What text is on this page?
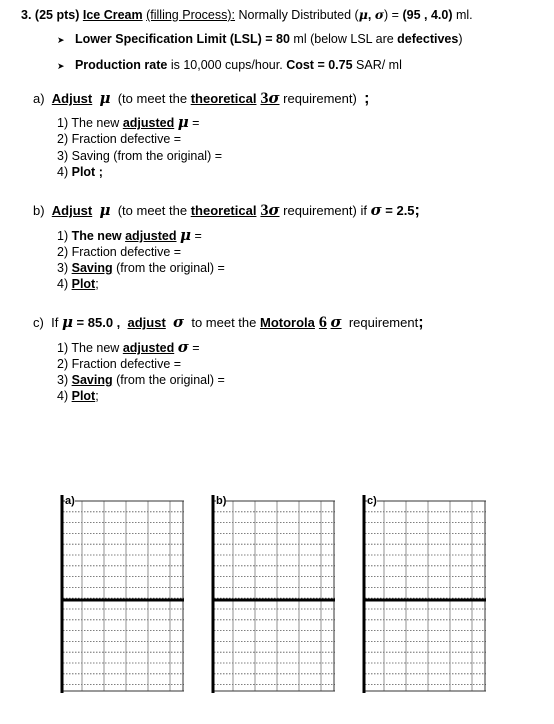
3. (25 pts) Ice Cream (filling Process): Normally Distributed (μ, σ) = (95 , 4.0) ml.
➤ Lower Specification Limit (LSL) = 80 ml (below LSL are defectives)
➤ Production rate is 10,000 cups/hour. Cost = 0.75 SAR/ ml
a) Adjust μ (to meet the theoretical 3σ requirement) ;
1) The new adjusted μ =
2) Fraction defective =
3) Saving (from the original) =
4) Plot ;
b) Adjust μ (to meet the theoretical 3σ requirement) if σ = 2.5;
1) The new adjusted μ =
2) Fraction defective =
3) Saving (from the original) =
4) Plot;
c) If μ = 85.0 , adjust σ to meet the Motorola 6 σ requirement;
1) The new adjusted σ =
2) Fraction defective =
3) Saving (from the original) =
4) Plot;
a)	b)	c)
